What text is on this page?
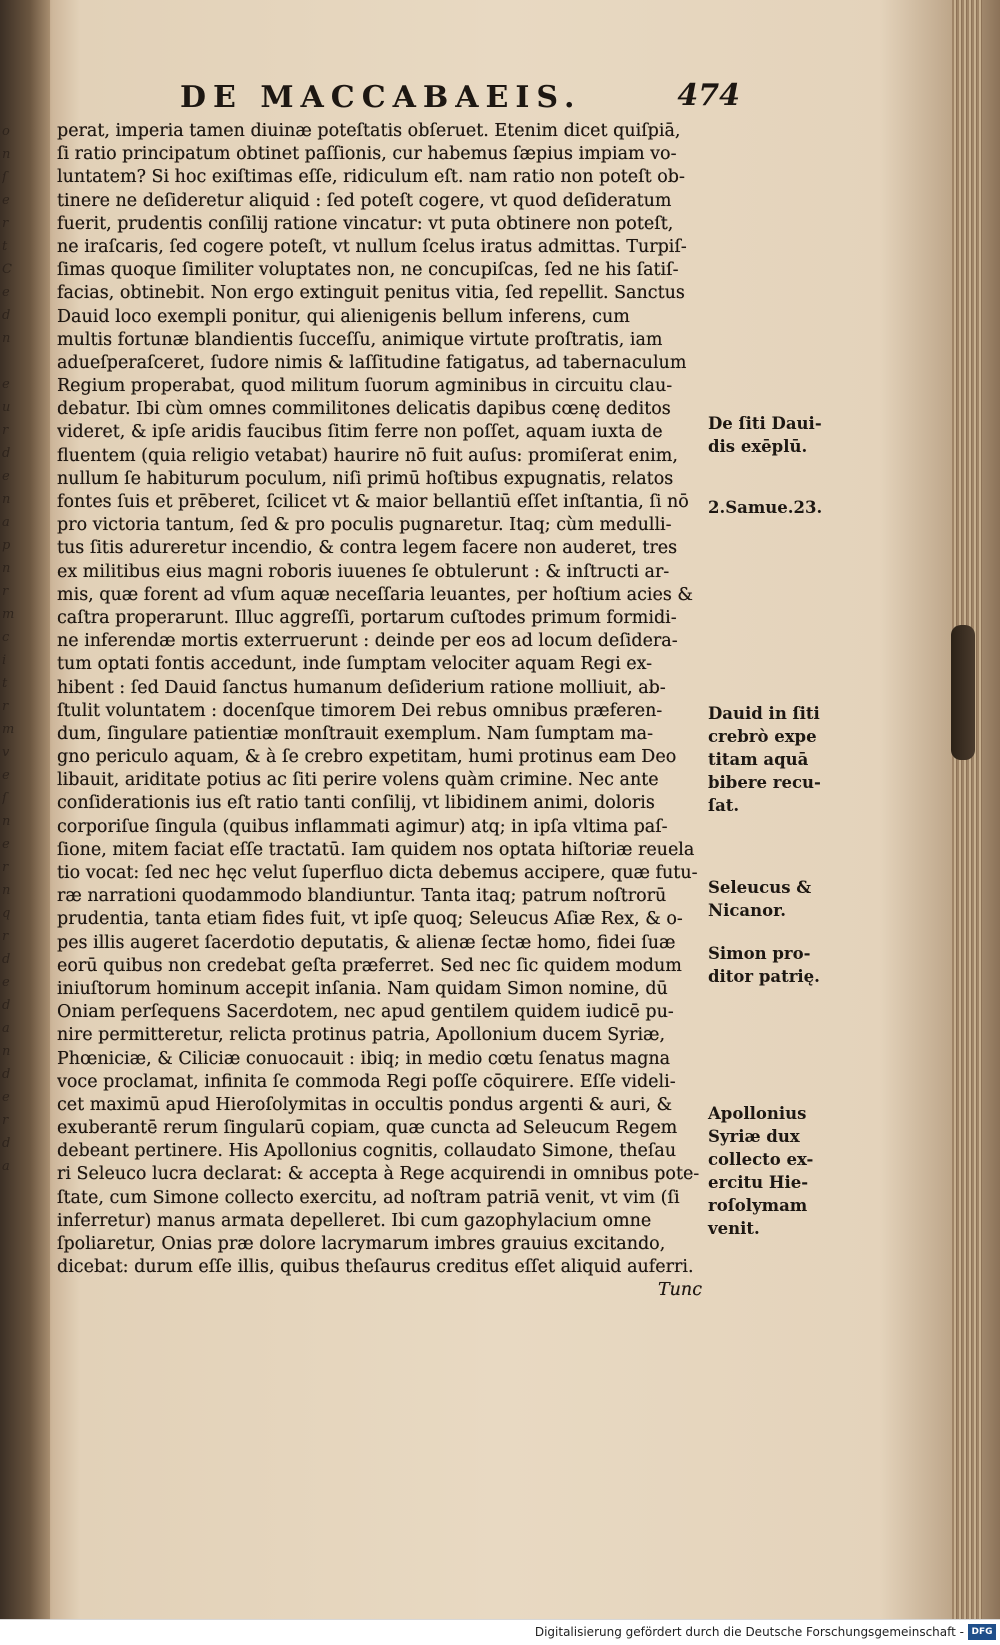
o
n
ſ
e
r
t
C
e
d
n

e
u
r
d
e
n
a
p
n
r
m
c
i
t
r
m
v
e
ſ
n
e
r
n
q
r
d
e
d
a
n
d
e
r
d
a
DE MACCABAEIS.	474
perat, imperia tamen diuinæ poteſtatis obſeruet. Etenim dicet quiſpiā,
ſi ratio principatum obtinet paſſionis, cur habemus ſæpius impiam vo-
luntatem? Si hoc exiſtimas eſſe, ridiculum eſt. nam ratio non poteſt ob-
tinere ne deſideretur aliquid : ſed poteſt cogere, vt quod deſideratum
fuerit, prudentis conſilij ratione vincatur: vt puta obtinere non poteſt,
ne iraſcaris, ſed cogere poteſt, vt nullum ſcelus iratus admittas. Turpiſ-
ſimas quoque ſimiliter voluptates non, ne concupiſcas, ſed ne his ſatiſ-
facias, obtinebit. Non ergo extinguit penitus vitia, ſed repellit. Sanctus
Dauid loco exempli ponitur, qui alienigenis bellum inferens, cum
multis fortunæ blandientis ſucceſſu, animique virtute proſtratis, iam
adueſperaſceret, ſudore nimis & laſſitudine fatigatus, ad tabernaculum
Regium properabat, quod militum ſuorum agminibus in circuitu clau-
debatur. Ibi cùm omnes commilitones delicatis dapibus cœnę deditos
videret, & ipſe aridis faucibus ſitim ferre non poſſet, aquam iuxta de
fluentem (quia religio vetabat) haurire nō fuit auſus: promiſerat enim,
nullum ſe habiturum poculum, niſi primū hoſtibus expugnatis, relatos
fontes ſuis et prēberet, ſcilicet vt & maior bellantiū eſſet inſtantia, ſi nō
pro victoria tantum, ſed & pro poculis pugnaretur. Itaq; cùm medulli-
tus ſitis adureretur incendio, & contra legem facere non auderet, tres
ex militibus eius magni roboris iuuenes ſe obtulerunt : & inſtructi ar-
mis, quæ forent ad vſum aquæ neceſſaria leuantes, per hoſtium acies &
caſtra properarunt. Illuc aggreſſi, portarum cuſtodes primum formidi-
ne inferendæ mortis exterruerunt : deinde per eos ad locum deſidera-
tum optati fontis accedunt, inde ſumptam velociter aquam Regi ex-
hibent : ſed Dauid ſanctus humanum deſiderium ratione molliuit, ab-
ſtulit voluntatem : docenſque timorem Dei rebus omnibus præferen-
dum, ſingulare patientiæ monſtrauit exemplum. Nam ſumptam ma-
gno periculo aquam, & à ſe crebro expetitam, humi protinus eam Deo
libauit, ariditate potius ac ſiti perire volens quàm crimine. Nec ante
conſiderationis ius eſt ratio tanti conſilij, vt libidinem animi, doloris
corporiſue ſingula (quibus inflammati agimur) atq; in ipſa vltima paſ-
ſione, mitem faciat eſſe tractatū. Iam quidem nos optata hiſtoriæ reuela
tio vocat: ſed nec hęc velut ſuperfluo dicta debemus accipere, quæ futu-
ræ narrationi quodammodo blandiuntur. Tanta itaq; patrum noſtrorū
prudentia, tanta etiam fides fuit, vt ipſe quoq; Seleucus Aſiæ Rex, & o-
pes illis augeret ſacerdotio deputatis, & alienæ ſectæ homo, fidei ſuæ
eorū quibus non credebat geſta præferret. Sed nec ſic quidem modum
iniuſtorum hominum accepit inſania. Nam quidam Simon nomine, dū
Oniam perſequens Sacerdotem, nec apud gentilem quidem iudicē pu-
nire permitteretur, relicta protinus patria, Apollonium ducem Syriæ,
Phœniciæ, & Ciliciæ conuocauit : ibiq; in medio cœtu ſenatus magna
voce proclamat, infinita ſe commoda Regi poſſe cōquirere. Eſſe videli-
cet maximū apud Hieroſolymitas in occultis pondus argenti & auri, &
exuberantē rerum ſingularū copiam, quæ cuncta ad Seleucum Regem
debeant pertinere. His Apollonius cognitis, collaudato Simone, theſau
ri Seleuco lucra declarat: & accepta à Rege acquirendi in omnibus pote-
ſtate, cum Simone collecto exercitu, ad noſtram patriā venit, vt vim (ſi
inferretur) manus armata depelleret. Ibi cum gazophylacium omne
ſpoliaretur, Onias præ dolore lacrymarum imbres grauius excitando,
dicebat: durum eſſe illis, quibus theſaurus creditus eſſet aliquid auferri.
Tunc
De ſiti Daui-
dis exēplū.
2.Samue.23.
Dauid in ſiti
crebrò expe
titam aquā
bibere recu-
ſat.
Seleucus &
Nicanor.
Simon pro-
ditor patrię.
Apollonius
Syriæ dux
collecto ex-
ercitu Hie-
roſolymam
venit.
Digitalisierung gefördert durch die Deutsche Forschungsgemeinschaft - DFG
